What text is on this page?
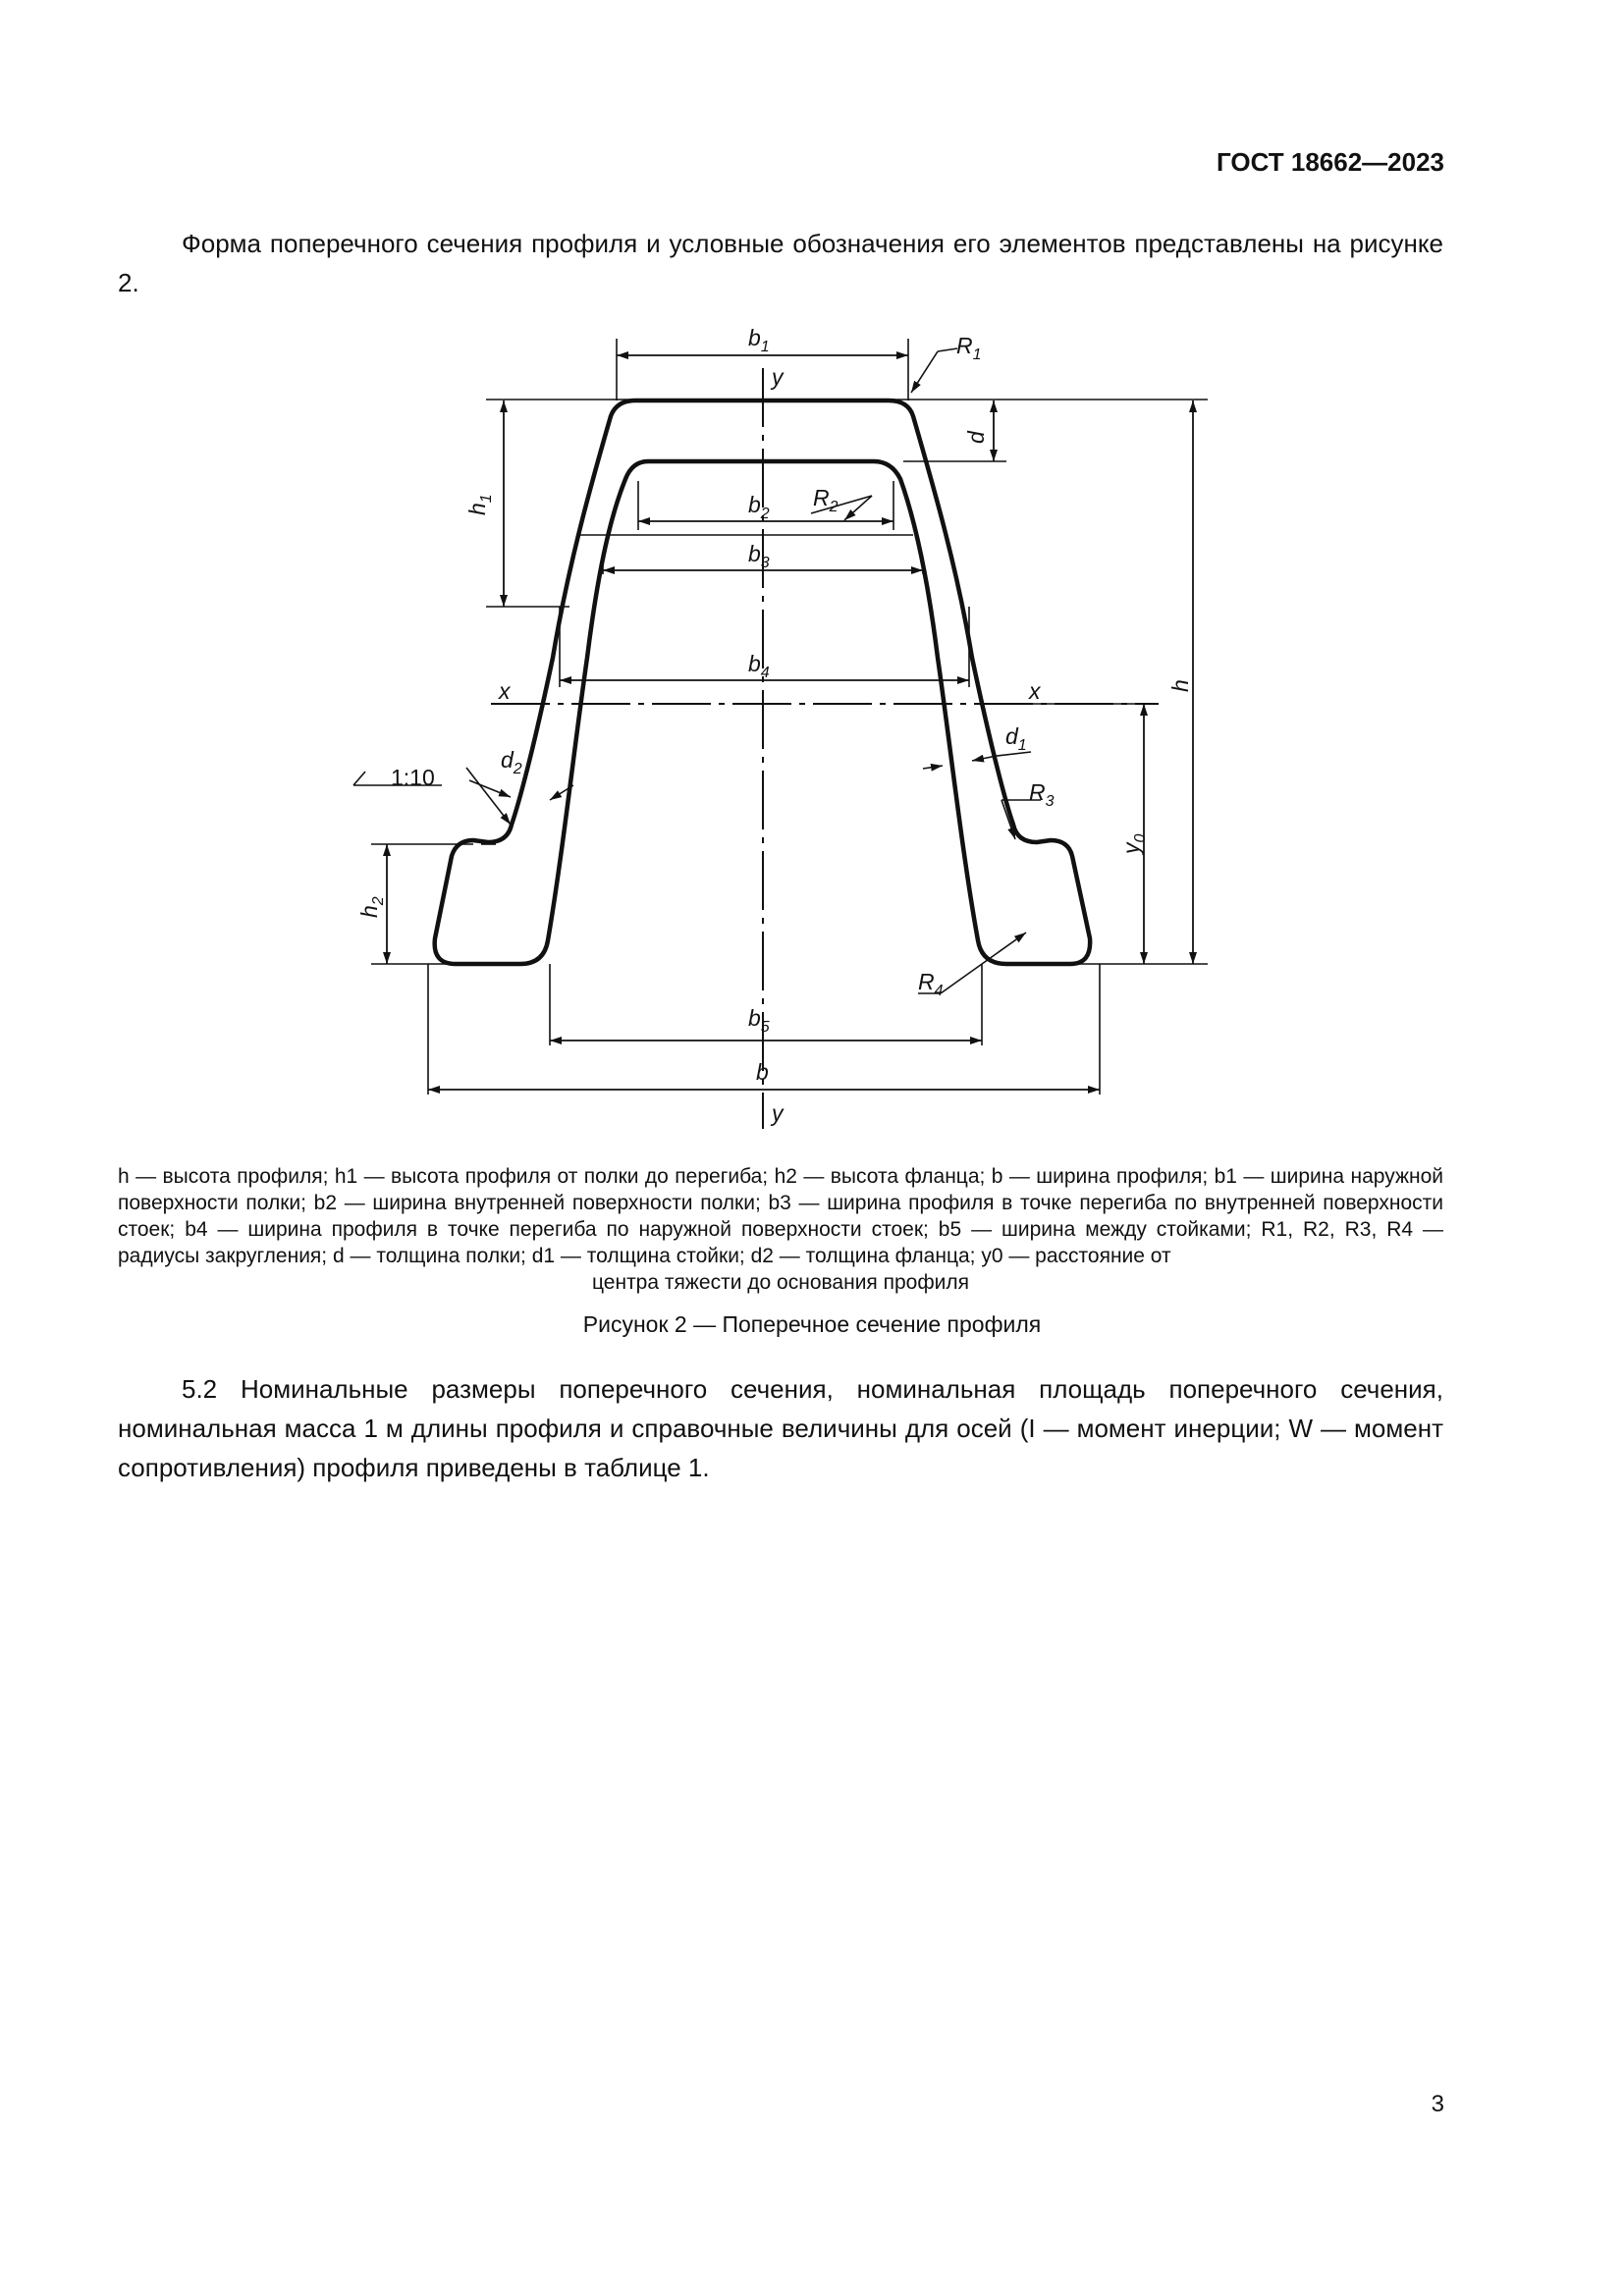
ГОСТ 18662—2023
Форма поперечного сечения профиля и условные обозначения его элементов представлены на рисунке 2.
$b_1$
y
$R_1$
d
$h_1$	$b_2$
$R_2$
$b_3$
$b_4$
x	x	h
$d_1$
$R_3$
$y_0$
$d_2$
1:10
$h_2$
$R_4$
$b_5$
b
y
h — высота профиля; h1 — высота профиля от полки до перегиба; h2 — высота фланца; b — ширина профиля; b1 — ширина наружной поверхности полки; b2 — ширина внутренней поверхности полки; b3 — ширина профиля в точке перегиба по внутренней поверхности стоек; b4 — ширина профиля в точке перегиба по наружной поверхности стоек; b5 — ширина между стойками; R1, R2, R3, R4 — радиусы закругления; d — толщина полки; d1 — толщина стойки; d2 — толщина фланца; y0 — расстояние от
центра тяжести до основания профиля
Рисунок 2 — Поперечное сечение профиля
5.2 Номинальные размеры поперечного сечения, номинальная площадь поперечного сечения, номинальная масса 1 м длины профиля и справочные величины для осей (I — момент инерции; W — момент сопротивления) профиля приведены в таблице 1.
3
